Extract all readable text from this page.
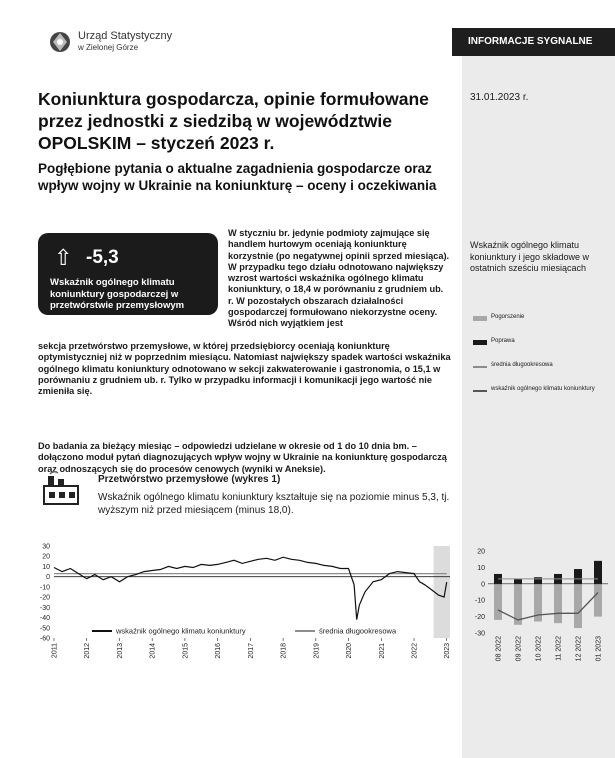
INFORMACJE SYGNALNE
Urząd Statystyczny
w Zielonej Górze
31.01.2023 r.
Koniunktura gospodarcza, opinie formułowane przez jednostki z siedzibą w województwie OPOLSKIM – styczeń 2023 r.
Pogłębione pytania o aktualne zagadnienia gospodarcze oraz wpływ wojny w Ukrainie na koniunkturę – oceny i oczekiwania
⇧ -5,3
Wskaźnik ogólnego klimatu koniunktury gospodarczej w przetwórstwie przemysłowym
W styczniu br. jedynie podmioty zajmujące się handlem hurtowym oceniają koniunkturę korzystnie (po negatywnej opinii sprzed miesiąca). W przypadku tego działu odnotowano największy wzrost wartości wskaźnika ogólnego klimatu koniunktury, o 18,4 w porównaniu z grudniem ub. r. W pozostałych obszarach działalności gospodarczej formułowano niekorzystne oceny. Wśród nich wyjątkiem jest
sekcja przetwórstwo przemysłowe, w której przedsiębiorcy oceniają koniunkturę optymistyczniej niż w poprzednim miesiącu. Natomiast największy spadek wartości wskaźnika ogólnego klimatu koniunktury odnotowano w sekcji zakwaterowanie i gastronomia, o 15,1 w porównaniu z grudniem ub. r. Tylko w przypadku informacji i komunikacji jego wartość nie zmieniła się.
Do badania za bieżący miesiąc – odpowiedzi udzielane w okresie od 1 do 10 dnia bm. – dołączono moduł pytań diagnozujących wpływ wojny w Ukrainie na koniunkturę gospodarczą oraz odnoszących się do procesów cenowych (wyniki w Aneksie).
Przetwórstwo przemysłowe (wykres 1)
Wskaźnik ogólnego klimatu koniunktury kształtuje się na poziomie minus 5,3, tj. wyższym niż przed miesiącem (minus 18,0).
Wskaźnik ogólnego klimatu koniunktury i jego składowe w ostatnich sześciu miesiącach
Pogorszenie
Poprawa
średnia długookresowa
wskaźnik ogólnego klimatu koniunktury
30
20
10
0
-10
-20
-30
-40
-50
-60
2011	2012	2013	2014	2015	2016	2017	2018	2019	2020	2021	2022	2023
wskaźnik ogólnego klimatu koniunktury	średnia długookresowa
20
10
0
-10
-20
-30
08 2022 09 2022 10 2022 11 2022 12 2022 01 2023
